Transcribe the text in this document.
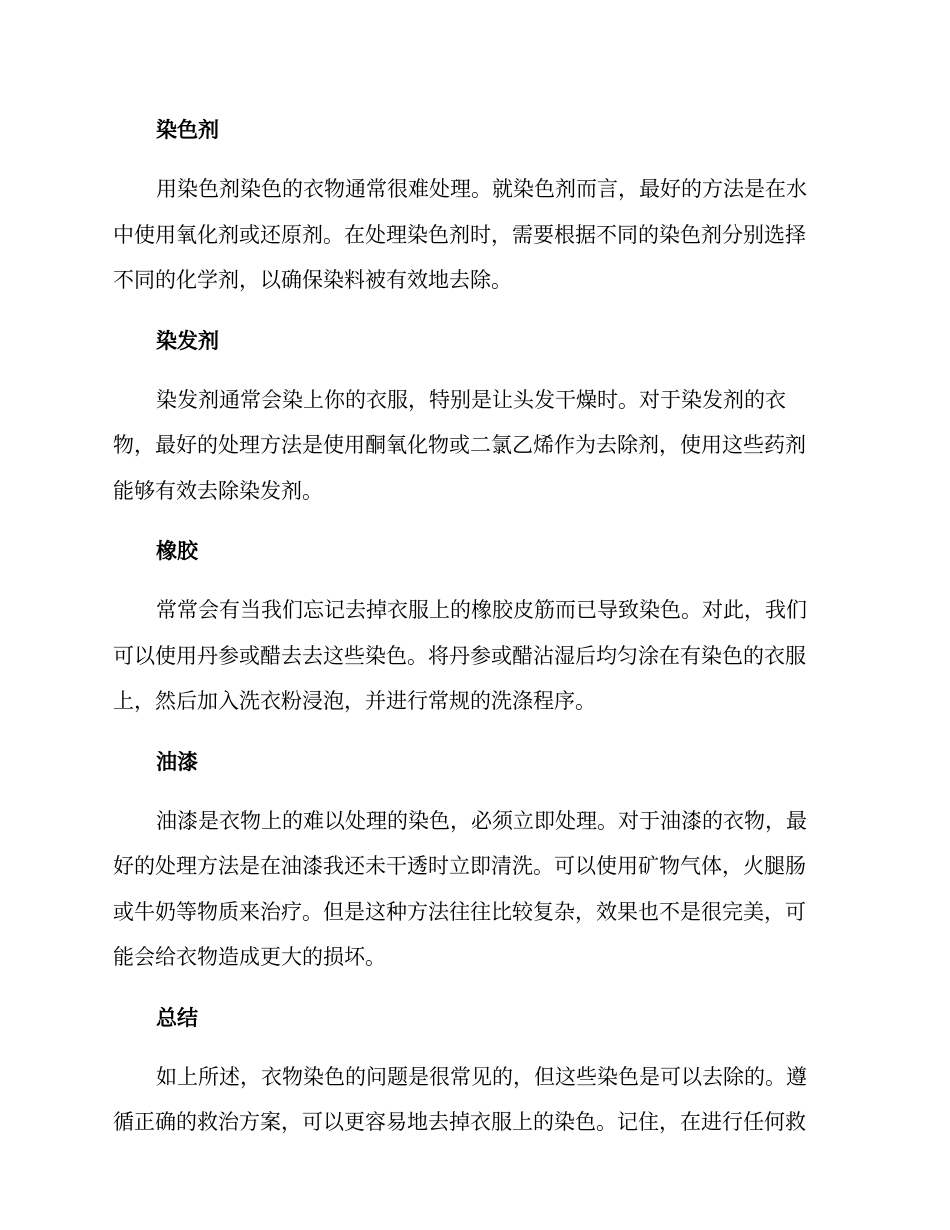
染色剂
用染色剂染色的衣物通常很难处理。就染色剂而言，最好的方法是在水
中使用氧化剂或还原剂。在处理染色剂时，需要根据不同的染色剂分别选择
不同的化学剂，以确保染料被有效地去除。
染发剂
染发剂通常会染上你的衣服，特别是让头发干燥时。对于染发剂的衣
物，最好的处理方法是使用酮氧化物或二氯乙烯作为去除剂，使用这些药剂
能够有效去除染发剂。
橡胶
常常会有当我们忘记去掉衣服上的橡胶皮筋而已导致染色。对此，我们
可以使用丹参或醋去去这些染色。将丹参或醋沾湿后均匀涂在有染色的衣服
上，然后加入洗衣粉浸泡，并进行常规的洗涤程序。
油漆
油漆是衣物上的难以处理的染色，必须立即处理。对于油漆的衣物，最
好的处理方法是在油漆我还未干透时立即清洗。可以使用矿物气体，火腿肠
或牛奶等物质来治疗。但是这种方法往往比较复杂，效果也不是很完美，可
能会给衣物造成更大的损坏。
总结
如上所述，衣物染色的问题是很常见的，但这些染色是可以去除的。遵
循正确的救治方案，可以更容易地去掉衣服上的染色。记住，在进行任何救
